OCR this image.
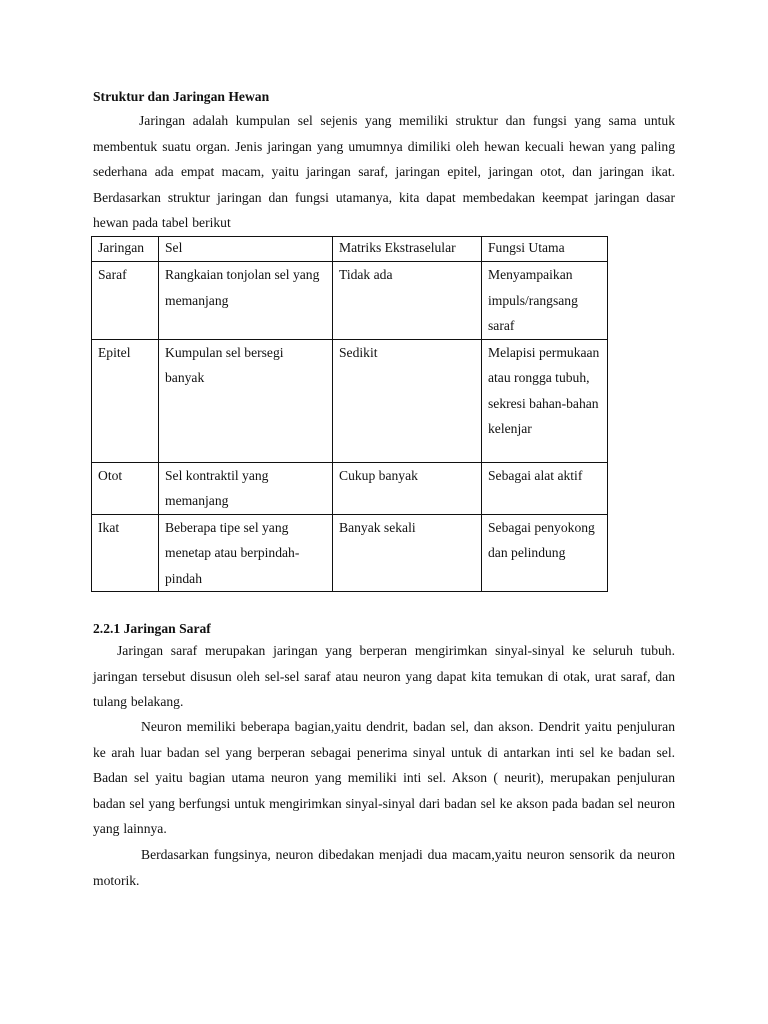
Struktur dan Jaringan Hewan
Jaringan adalah kumpulan sel sejenis yang memiliki struktur dan fungsi yang sama untuk membentuk suatu organ. Jenis jaringan yang umumnya dimiliki oleh hewan kecuali hewan yang paling sederhana ada empat macam, yaitu jaringan saraf, jaringan epitel, jaringan otot, dan jaringan ikat. Berdasarkan struktur jaringan dan fungsi utamanya, kita dapat membedakan keempat jaringan dasar hewan pada tabel berikut
Jaringan	Sel	Matriks Ekstraselular	Fungsi Utama
Saraf	Rangkaian tonjolan sel yang memanjang	Tidak ada	Menyampaikan impuls/rangsang saraf
Epitel	Kumpulan sel bersegi banyak	Sedikit	Melapisi permukaan atau rongga tubuh, sekresi bahan-bahan kelenjar
Otot	Sel kontraktil yang memanjang	Cukup banyak	Sebagai alat aktif
Ikat	Beberapa tipe sel yang menetap atau berpindah-pindah	Banyak sekali	Sebagai penyokong dan pelindung
2.2.1 Jaringan Saraf
Jaringan saraf merupakan jaringan yang berperan mengirimkan sinyal-sinyal ke seluruh tubuh. jaringan tersebut disusun oleh sel-sel saraf atau neuron yang dapat kita temukan di otak, urat saraf, dan tulang belakang.
Neuron memiliki beberapa bagian,yaitu dendrit, badan sel, dan akson. Dendrit yaitu penjuluran ke arah luar badan sel yang berperan sebagai penerima sinyal untuk di antarkan inti sel ke badan sel. Badan sel yaitu bagian utama neuron yang memiliki inti sel. Akson ( neurit), merupakan penjuluran badan sel yang berfungsi untuk mengirimkan sinyal-sinyal dari badan sel ke akson pada badan sel neuron yang lainnya.
Berdasarkan fungsinya, neuron dibedakan menjadi dua macam,yaitu neuron sensorik da neuron motorik.
